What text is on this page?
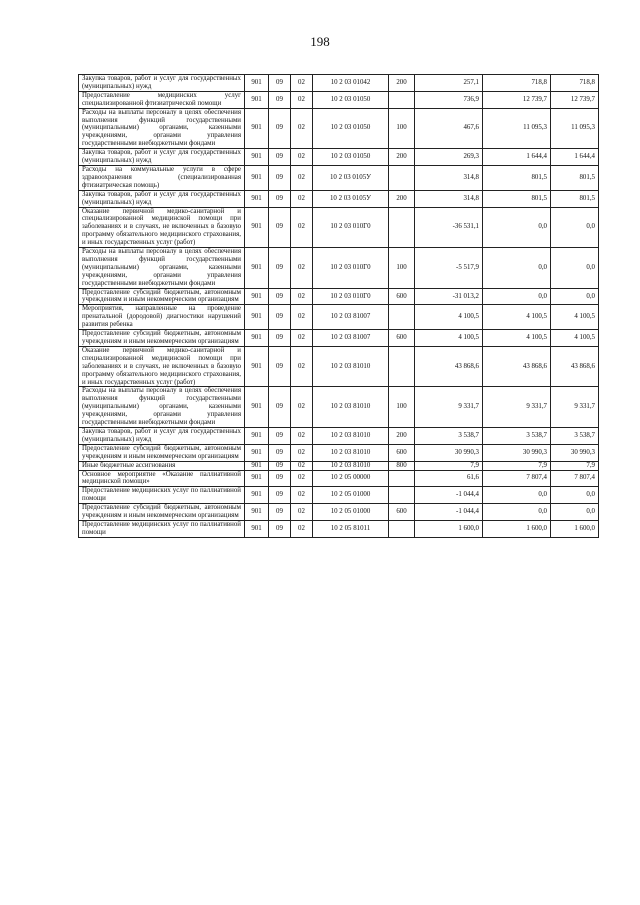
198
Закупка товаров, работ и услуг для государственных (муниципальных) нужд	901	09	02	10 2 03 01042	200	257,1	718,8	718,8
Предоставление медицинских услуг специализированной фтизиатрической помощи	901	09	02	10 2 03 01050		736,9	12 739,7	12 739,7
Расходы на выплаты персоналу в целях обеспечения выполнения функций государственными (муниципальными) органами, казенными учреждениями, органами управления государственными внебюджетными фондами	901	09	02	10 2 03 01050	100	467,6	11 095,3	11 095,3
Закупка товаров, работ и услуг для государственных (муниципальных) нужд	901	09	02	10 2 03 01050	200	269,3	1 644,4	1 644,4
Расходы на коммунальные услуги в сфере здравоохранения (специализированная фтизиатрическая помощь)	901	09	02	10 2 03 0105У		314,8	801,5	801,5
Закупка товаров, работ и услуг для государственных (муниципальных) нужд	901	09	02	10 2 03 0105У	200	314,8	801,5	801,5
Оказание первичной медико-санитарной и специализированной медицинской помощи при заболеваниях и в случаях, не включенных в базовую программу обязательного медицинского страхования, и иных государственных услуг (работ)	901	09	02	10 2 03 010Г0		-36 531,1	0,0	0,0
Расходы на выплаты персоналу в целях обеспечения выполнения функций государственными (муниципальными) органами, казенными учреждениями, органами управления государственными внебюджетными фондами	901	09	02	10 2 03 010Г0	100	-5 517,9	0,0	0,0
Предоставление субсидий бюджетным, автономным учреждениям и иным некоммерческим организациям	901	09	02	10 2 03 010Г0	600	-31 013,2	0,0	0,0
Мероприятия, направленные на проведение пренатальной (дородовой) диагностики нарушений развития ребенка	901	09	02	10 2 03 81007		4 100,5	4 100,5	4 100,5
Предоставление субсидий бюджетным, автономным учреждениям и иным некоммерческим организациям	901	09	02	10 2 03 81007	600	4 100,5	4 100,5	4 100,5
Оказание первичной медико-санитарной и специализированной медицинской помощи при заболеваниях и в случаях, не включенных в базовую программу обязательного медицинского страхования, и иных государственных услуг (работ)	901	09	02	10 2 03 81010		43 868,6	43 868,6	43 868,6
Расходы на выплаты персоналу в целях обеспечения выполнения функций государственными (муниципальными) органами, казенными учреждениями, органами управления государственными внебюджетными фондами	901	09	02	10 2 03 81010	100	9 331,7	9 331,7	9 331,7
Закупка товаров, работ и услуг для государственных (муниципальных) нужд	901	09	02	10 2 03 81010	200	3 538,7	3 538,7	3 538,7
Предоставление субсидий бюджетным, автономным учреждениям и иным некоммерческим организациям	901	09	02	10 2 03 81010	600	30 990,3	30 990,3	30 990,3
Иные бюджетные ассигнования	901	09	02	10 2 03 81010	800	7,9	7,9	7,9
Основное мероприятие «Оказание паллиативной медицинской помощи»	901	09	02	10 2 05 00000		61,6	7 807,4	7 807,4
Предоставление медицинских услуг по паллиативной помощи	901	09	02	10 2 05 01000		-1 044,4	0,0	0,0
Предоставление субсидий бюджетным, автономным учреждениям и иным некоммерческим организациям	901	09	02	10 2 05 01000	600	-1 044,4	0,0	0,0
Предоставление медицинских услуг по паллиативной помощи	901	09	02	10 2 05 81011		1 600,0	1 600,0	1 600,0
